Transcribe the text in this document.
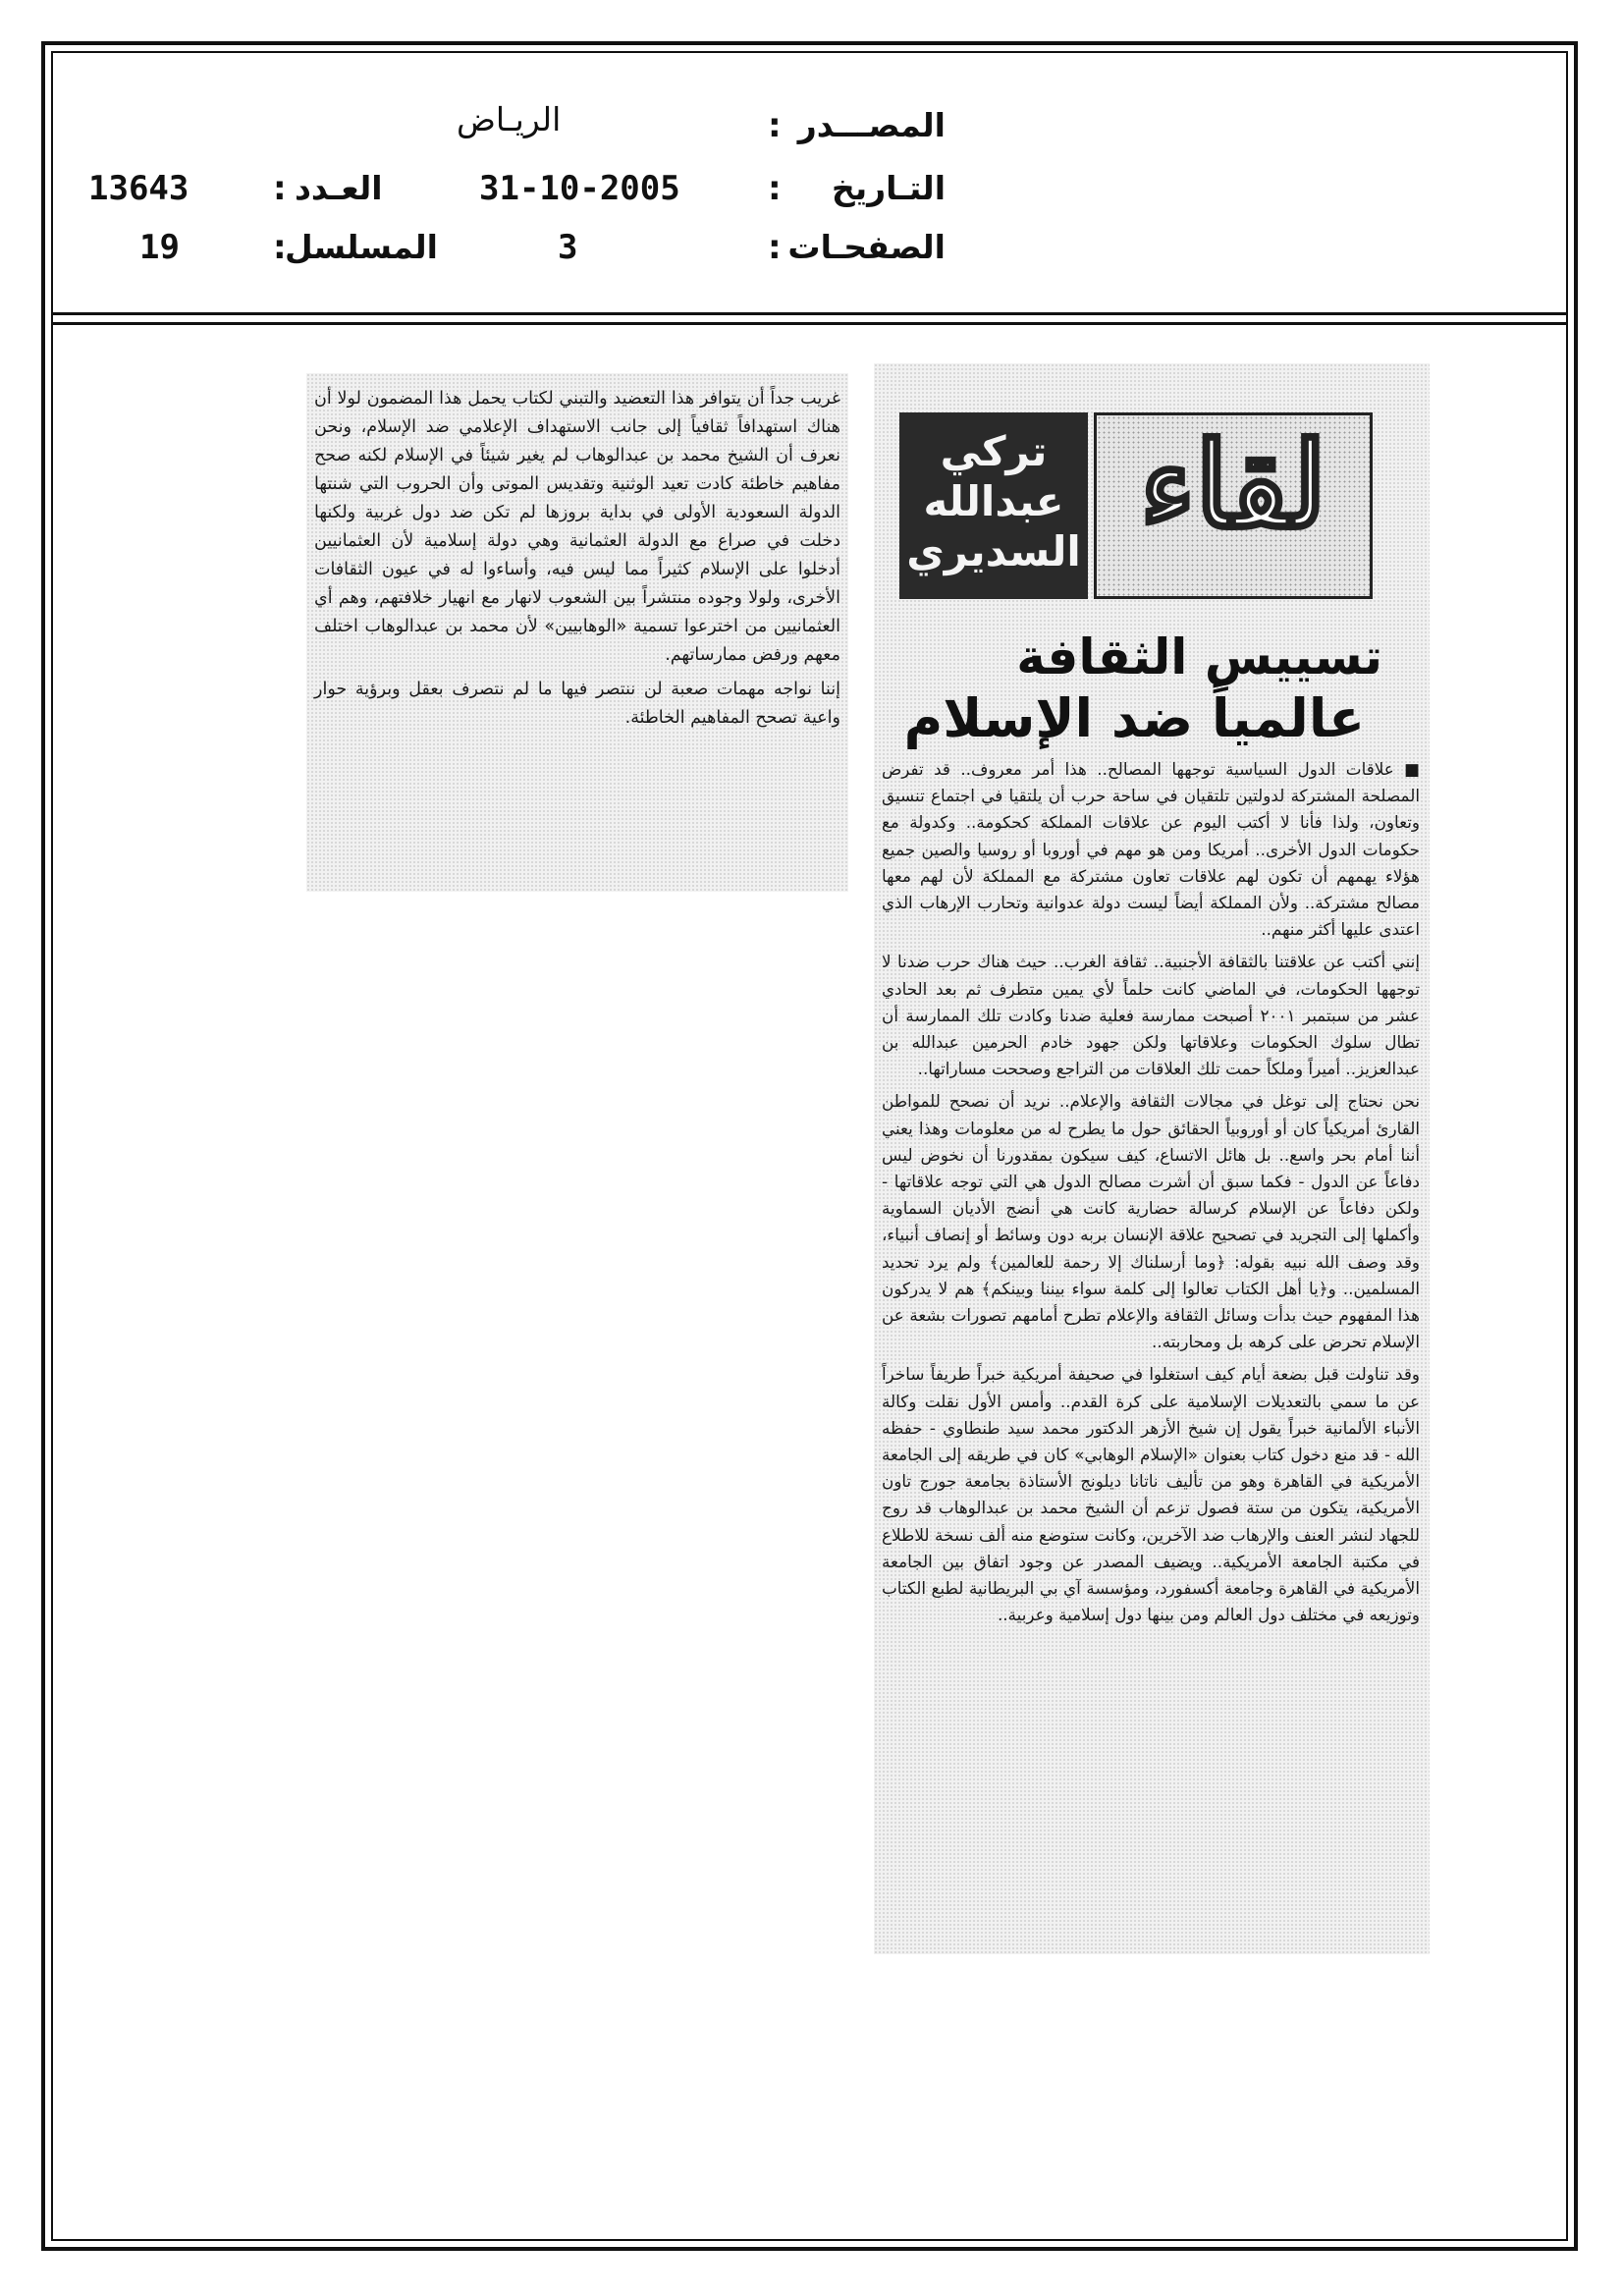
المصـــدر
:
الريـاض
التـاريخ
:
31-10-2005
العـدد
:
13643
الصفحـات
:
3
المسلسل
:
19
لقاء
تركي
عبدالله
السديري
تسييس الثقافة
عالمياً ضد الإسلام

■ علاقات الدول السياسية توجهها المصالح.. هذا أمر معروف.. قد تفرض المصلحة المشتركة لدولتين تلتقيان في ساحة حرب أن يلتقيا في اجتماع تنسيق وتعاون، ولذا فأنا لا أكتب اليوم عن علاقات المملكة كحكومة.. وكدولة مع حكومات الدول الأخرى.. أمريكا ومن هو مهم في أوروبا أو روسيا والصين جميع هؤلاء يهمهم أن تكون لهم علاقات تعاون مشتركة مع المملكة لأن لهم معها مصالح مشتركة.. ولأن المملكة أيضاً ليست دولة عدوانية وتحارب الإرهاب الذي اعتدى عليها أكثر منهم..

إنني أكتب عن علاقتنا بالثقافة الأجنبية.. ثقافة الغرب.. حيث هناك حرب ضدنا لا توجهها الحكومات، في الماضي كانت حلماً لأي يمين متطرف ثم بعد الحادي عشر من سبتمبر ٢٠٠١ أصبحت ممارسة فعلية ضدنا وكادت تلك الممارسة أن تطال سلوك الحكومات وعلاقاتها ولكن جهود خادم الحرمين عبدالله بن عبدالعزيز.. أميراً وملكاً حمت تلك العلاقات من التراجع وصححت مساراتها..

نحن نحتاج إلى توغل في مجالات الثقافة والإعلام.. نريد أن نصحح للمواطن القارئ أمريكياً كان أو أوروبياً الحقائق حول ما يطرح له من معلومات وهذا يعني أننا أمام بحر واسع.. بل هائل الاتساع، كيف سيكون بمقدورنا أن نخوض ليس دفاعاً عن الدول - فكما سبق أن أشرت مصالح الدول هي التي توجه علاقاتها - ولكن دفاعاً عن الإسلام كرسالة حضارية كانت هي أنضج الأديان السماوية وأكملها إلى التجريد في تصحيح علاقة الإنسان بربه دون وسائط أو إنصاف أنبياء، وقد وصف الله نبيه بقوله: ﴿وما أرسلناك إلا رحمة للعالمين﴾ ولم يرد تحديد المسلمين.. و﴿يا أهل الكتاب تعالوا إلى كلمة سواء بيننا وبينكم﴾ هم لا يدركون هذا المفهوم حيث بدأت وسائل الثقافة والإعلام تطرح أمامهم تصورات بشعة عن الإسلام تحرض على كرهه بل ومحاربته..

وقد تناولت قبل بضعة أيام كيف استغلوا في صحيفة أمريكية خبراً طريفاً ساخراً عن ما سمي بالتعديلات الإسلامية على كرة القدم.. وأمس الأول نقلت وكالة الأنباء الألمانية خبراً يقول إن شيخ الأزهر الدكتور محمد سيد طنطاوي - حفظه الله - قد منع دخول كتاب بعنوان «الإسلام الوهابي» كان في طريقه إلى الجامعة الأمريكية في القاهرة وهو من تأليف ناتانا ديلونج الأستاذة بجامعة جورج تاون الأمريكية، يتكون من ستة فصول تزعم أن الشيخ محمد بن عبدالوهاب قد روج للجهاد لنشر العنف والإرهاب ضد الآخرين، وكانت ستوضع منه ألف نسخة للاطلاع في مكتبة الجامعة الأمريكية.. ويضيف المصدر عن وجود اتفاق بين الجامعة الأمريكية في القاهرة وجامعة أكسفورد، ومؤسسة آي بي البريطانية لطبع الكتاب وتوزيعه في مختلف دول العالم ومن بينها دول إسلامية وعربية..

غريب جداً أن يتوافر هذا التعضيد والتبني لكتاب يحمل هذا المضمون لولا أن هناك استهدافاً ثقافياً إلى جانب الاستهداف الإعلامي ضد الإسلام، ونحن نعرف أن الشيخ محمد بن عبدالوهاب لم يغير شيئاً في الإسلام لكنه صحح مفاهيم خاطئة كادت تعيد الوثنية وتقديس الموتى وأن الحروب التي شنتها الدولة السعودية الأولى في بداية بروزها لم تكن ضد دول غربية ولكنها دخلت في صراع مع الدولة العثمانية وهي دولة إسلامية لأن العثمانيين أدخلوا على الإسلام كثيراً مما ليس فيه، وأساءوا له في عيون الثقافات الأخرى، ولولا وجوده منتشراً بين الشعوب لانهار مع انهيار خلافتهم، وهم أي العثمانيين من اخترعوا تسمية «الوهابيين» لأن محمد بن عبدالوهاب اختلف معهم ورفض ممارساتهم.

إننا نواجه مهمات صعبة لن ننتصر فيها ما لم نتصرف بعقل وبرؤية حوار واعية تصحح المفاهيم الخاطئة.
